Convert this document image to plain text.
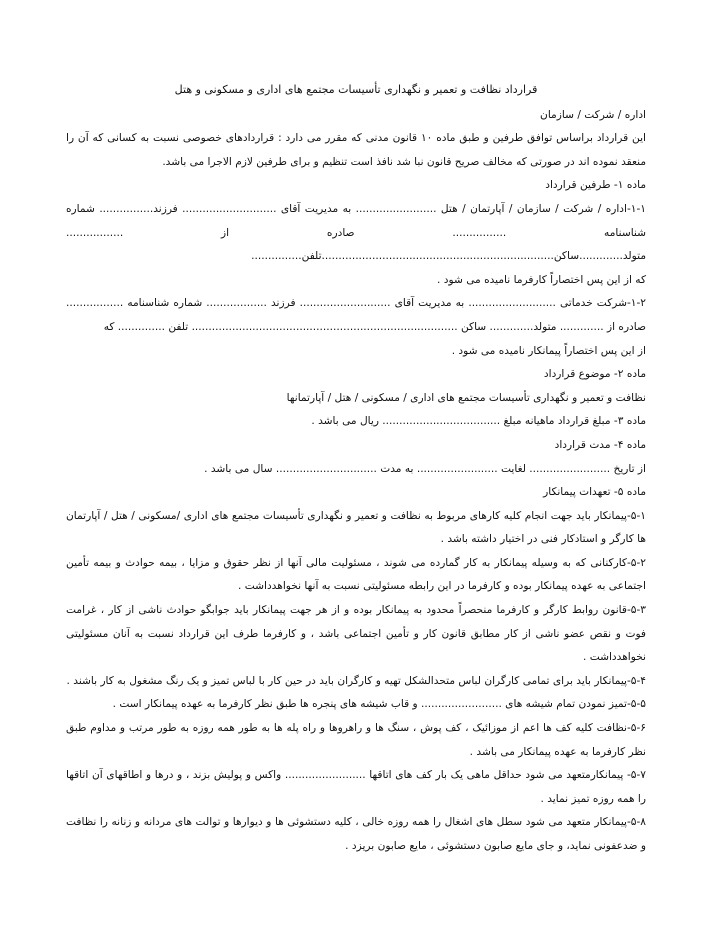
قرارداد نظافت و تعمیر و نگهداری تأسیسات مجتمع های اداری و مسکونی و هتل

اداره / شرکت / سازمان

این قرارداد براساس توافق طرفین و طبق ماده ۱۰ قانون مدنی که مقرر می دارد : قراردادهای خصوصی نسبت به کسانی که آن را منعقد نموده اند در صورتی که مخالف صریح قانون نبا شد نافذ است تنظیم و برای طرفین لازم الاجرا می باشد.

ماده ۱- طرفین قرارداد

۱-۱-اداره / شرکت / سازمان / آپارتمان / هتل ........................ به مدیریت آقای ............................ فرزند................ شماره شناسنامه ................ صادره از ................. متولد.............ساکن.....................................................................تلفن...............

که از این پس اختصاراً کارفرما نامیده می شود .

۱-۲-شرکت خدماتی .......................... به مدیریت آقای ........................... فرزند .................. شماره شناسنامه ................. صادره از ............. متولد............. ساکن ............................................................................... تلفن .............. که

از این پس اختصاراً پیمانکار نامیده می شود .

ماده ۲- موضوع قرارداد

نظافت و تعمیر و نگهداری تأسیسات مجتمع های اداری / مسکونی / هتل / آپارتمانها

ماده ۳- مبلغ قرارداد ماهیانه مبلغ ................................... ریال می باشد .

ماده ۴- مدت قرارداد

از تاریخ ........................ لغایت ........................ به مدت .............................. سال می باشد .

ماده ۵- تعهدات پیمانکار

۵-۱-پیمانکار باید جهت انجام کلیه کارهای مربوط به نظافت و تعمیر و نگهداری تأسیسات مجتمع های اداری /مسکونی / هتل / آپارتمان ها کارگر و استادکار فنی در اختیار داشته باشد .

۵-۲-کارکنانی که به وسیله پیمانکار به کار گمارده می شوند ، مسئولیت مالی آنها از نظر حقوق و مزایا ، بیمه حوادث و بیمه تأمین اجتماعی به عهده پیمانکار بوده و کارفرما در این رابطه مسئولیتی نسبت به آنها نخواهدداشت .

۵-۳-قانون روابط کارگر و کارفرما منحصراً محدود به پیمانکار بوده و از هر جهت پیمانکار باید جوابگو حوادث ناشی از کار ، غرامت فوت و نقص عضو ناشی از کار مطابق قانون کار و تأمین اجتماعی باشد ، و کارفرما طرف این قرارداد نسبت به آنان مسئولیتی نخواهدداشت .

۵-۴-پیمانکار باید برای تمامی کارگران لباس متحدالشکل تهیه و کارگران باید در حین کار با لباس تمیز و یک رنگ مشغول به کار باشند .

۵-۵-تمیز نمودن تمام شیشه های ........................ و قاب شیشه های پنجره ها طبق نظر کارفرما به عهده پیمانکار است .

۵-۶-نظافت کلیه کف ها اعم از موزائیک ، کف پوش ، سنگ ها و راهروها و راه پله ها به طور همه روزه به طور مرتب و مداوم طبق نظر کارفرما به عهده پیمانکار می باشد .

۵-۷- پیمانکارمتعهد می شود حداقل ماهی یک بار کف های اتاقها ........................ واکس و پولیش بزند ، و درها و اطاقهای آن اتاقها را همه روزه تمیز نماید .

۵-۸-پیمانکار متعهد می شود سطل های اشغال را همه روزه خالی ، کلیه دستشوئی ها و دیوارها و توالت های مردانه و زنانه را نظافت و ضدعفونی نماید، و جای مایع صابون دستشوئی ، مایع صابون بریزد .
